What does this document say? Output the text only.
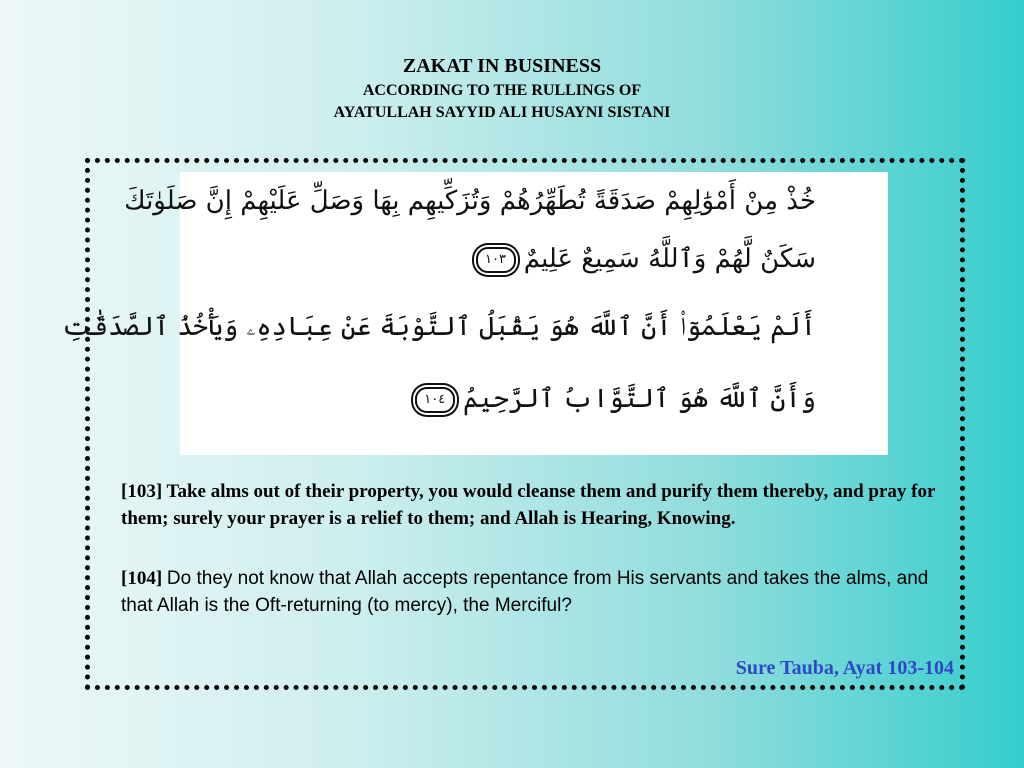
ZAKAT IN BUSINESS
ACCORDING TO THE RULLINGS OF
AYATULLAH SAYYID ALI HUSAYNI SISTANI
خُذْ مِنْ أَمْوَٰلِهِمْ صَدَقَةً تُطَهِّرُهُمْ وَتُزَكِّيهِم بِهَا وَصَلِّ عَلَيْهِمْ إِنَّ صَلَوٰتَكَ
سَكَنٌ لَّهُمْ وَٱللَّهُ سَمِيعٌ عَلِيمٌ ١٠٣
أَلَمْ يَعْلَمُوٓا۟ أَنَّ ٱللَّهَ هُوَ يَقْبَلُ ٱلتَّوْبَةَ عَنْ عِبَادِهِۦ وَيَأْخُذُ ٱلصَّدَقَٰتِ
وَأَنَّ ٱللَّهَ هُوَ ٱلتَّوَّابُ ٱلرَّحِيمُ ١٠٤
[103] Take alms out of their property, you would cleanse them and purify them thereby, and pray for them; surely your prayer is a relief to them; and Allah is Hearing, Knowing.
[104] Do they not know that Allah accepts repentance from His servants and takes the alms, and that Allah is the Oft-returning (to mercy), the Merciful?
Sure Tauba, Ayat 103-104
